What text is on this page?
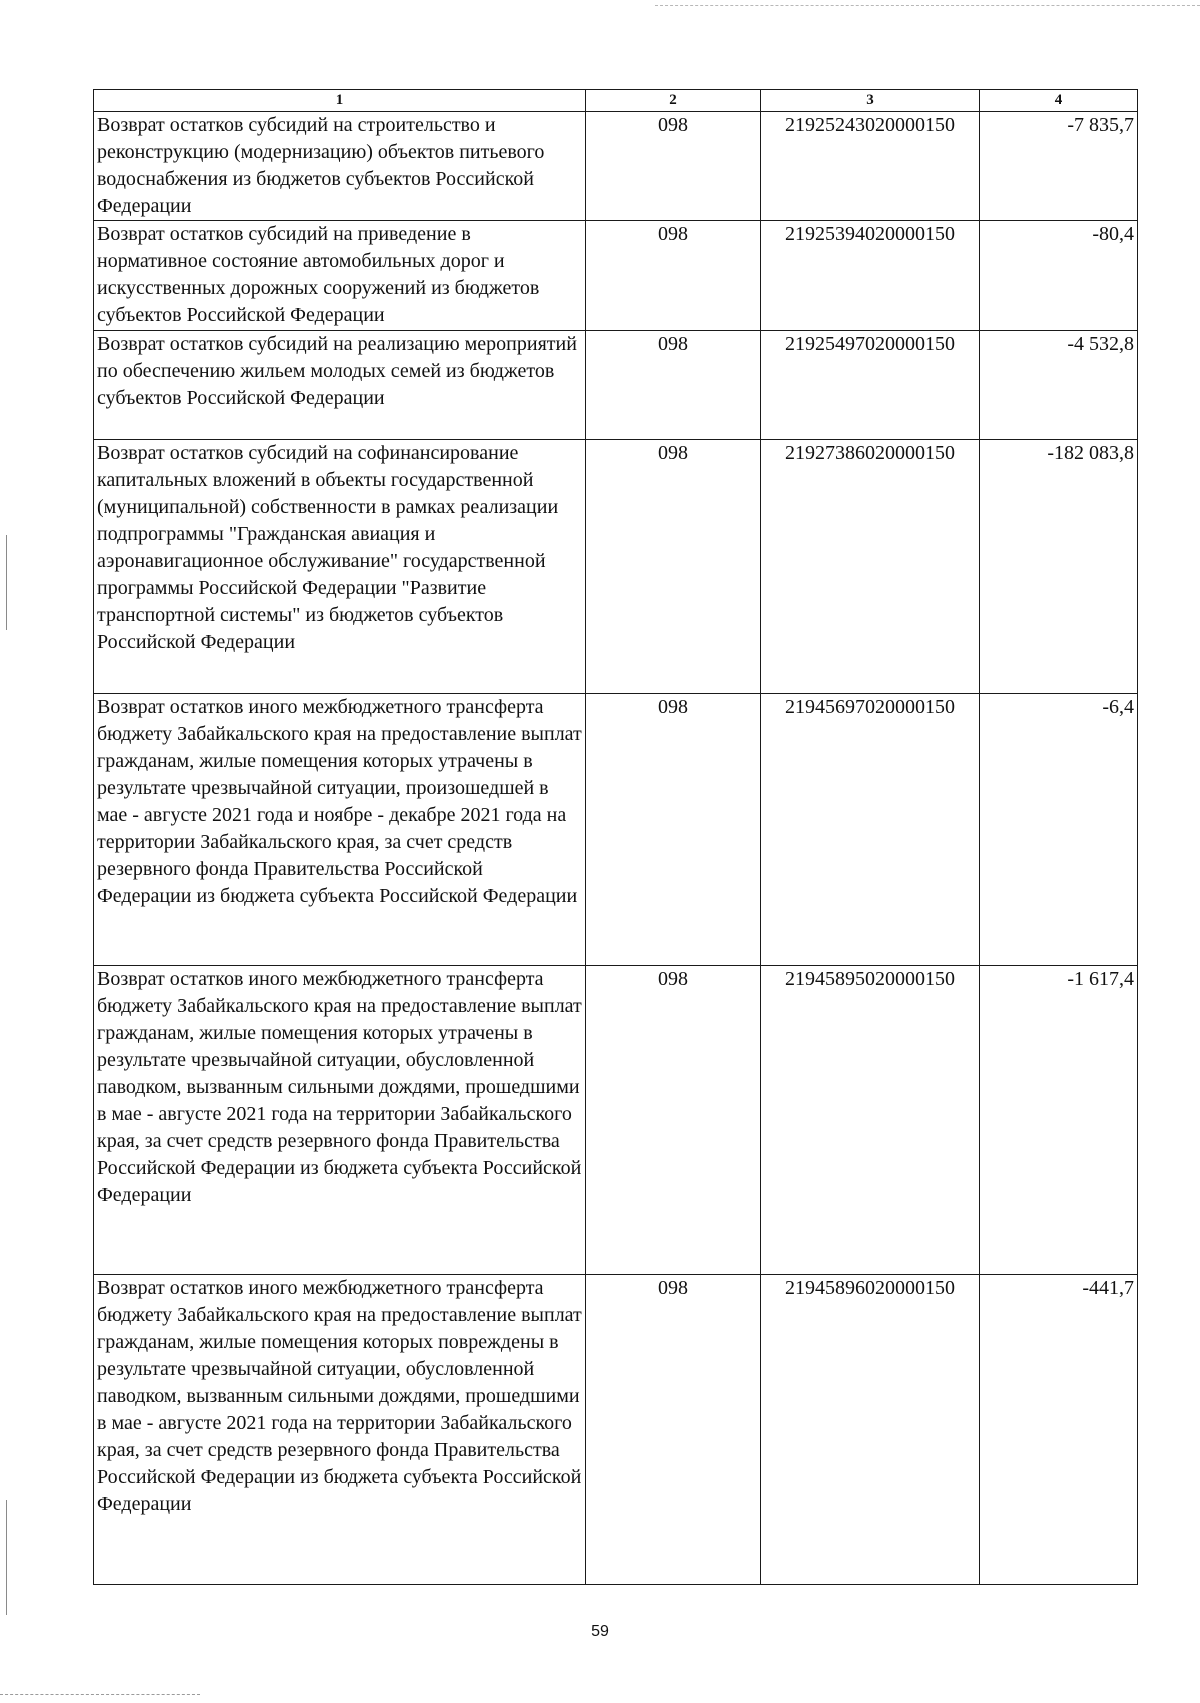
1	2	3	4
Возврат остатков субсидий на строительство и реконструкцию (модернизацию) объектов питьевого водоснабжения из бюджетов субъектов Российской Федерации	098	21925243020000150	-7 835,7
Возврат остатков субсидий на приведение в нормативное состояние автомобильных дорог и искусственных дорожных сооружений из бюджетов субъектов Российской Федерации	098	21925394020000150	-80,4
Возврат остатков субсидий на реализацию мероприятий по обеспечению жильем молодых семей из бюджетов субъектов Российской Федерации	098	21925497020000150	-4 532,8
Возврат остатков субсидий на софинансирование капитальных вложений в объекты государственной (муниципальной) собственности в рамках реализации подпрограммы "Гражданская авиация и аэронавигационное обслуживание" государственной программы Российской Федерации "Развитие транспортной системы" из бюджетов субъектов Российской Федерации	098	21927386020000150	-182 083,8
Возврат остатков иного межбюджетного трансферта бюджету Забайкальского края на предоставление выплат гражданам, жилые помещения которых утрачены в результате чрезвычайной ситуации, произошедшей в мае - августе 2021 года и ноябре - декабре 2021 года на территории Забайкальского края, за счет средств резервного фонда Правительства Российской Федерации из бюджета субъекта Российской Федерации	098	21945697020000150	-6,4
Возврат остатков иного межбюджетного трансферта бюджету Забайкальского края на предоставление выплат гражданам, жилые помещения которых утрачены в результате чрезвычайной ситуации, обусловленной паводком, вызванным сильными дождями, прошедшими в мае - августе 2021 года на территории Забайкальского края, за счет средств резервного фонда Правительства Российской Федерации из бюджета субъекта Российской Федерации	098	21945895020000150	-1 617,4
Возврат остатков иного межбюджетного трансферта бюджету Забайкальского края на предоставление выплат гражданам, жилые помещения которых повреждены в результате чрезвычайной ситуации, обусловленной паводком, вызванным сильными дождями, прошедшими в мае - августе 2021 года на территории Забайкальского края, за счет средств резервного фонда Правительства Российской Федерации из бюджета субъекта Российской Федерации	098	21945896020000150	-441,7
59
